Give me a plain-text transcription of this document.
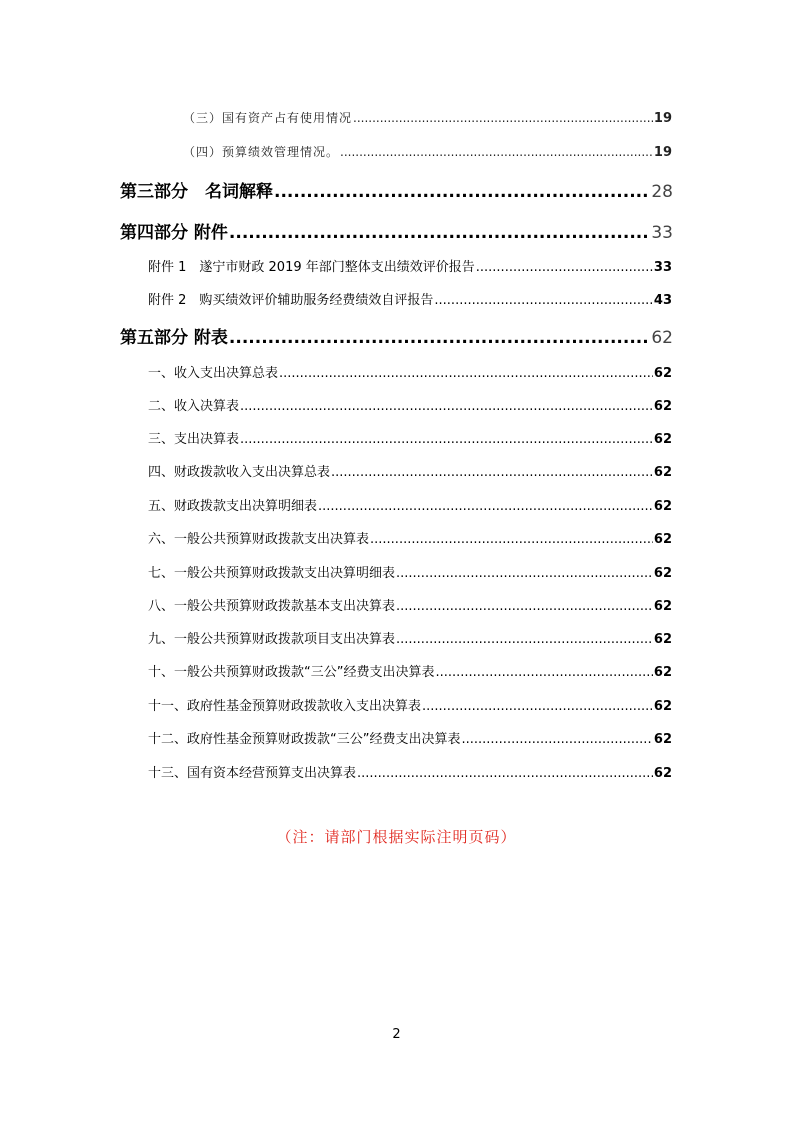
（三）国有资产占有使用情况 .....	19
（四）预算绩效管理情况。 .....	19
第三部分　名词解释 .....	28
第四部分 附件 .....	33
附件 1　遂宁市财政 2019 年部门整体支出绩效评价报告 .....	33
附件 2　购买绩效评价辅助服务经费绩效自评报告 .....	43
第五部分 附表 .....	62
一、收入支出决算总表 .....	62
二、收入决算表 .....	62
三、支出决算表 .....	62
四、财政拨款收入支出决算总表 .....	62
五、财政拨款支出决算明细表 .....	62
六、一般公共预算财政拨款支出决算表 .....	62
七、一般公共预算财政拨款支出决算明细表 .....	62
八、一般公共预算财政拨款基本支出决算表 .....	62
九、一般公共预算财政拨款项目支出决算表 .....	62
十、一般公共预算财政拨款“三公”经费支出决算表 .....	62
十一、政府性基金预算财政拨款收入支出决算表 .....	62
十二、政府性基金预算财政拨款“三公”经费支出决算表 .....	62
十三、国有资本经营预算支出决算表 .....	62
（注：请部门根据实际注明页码）
2
